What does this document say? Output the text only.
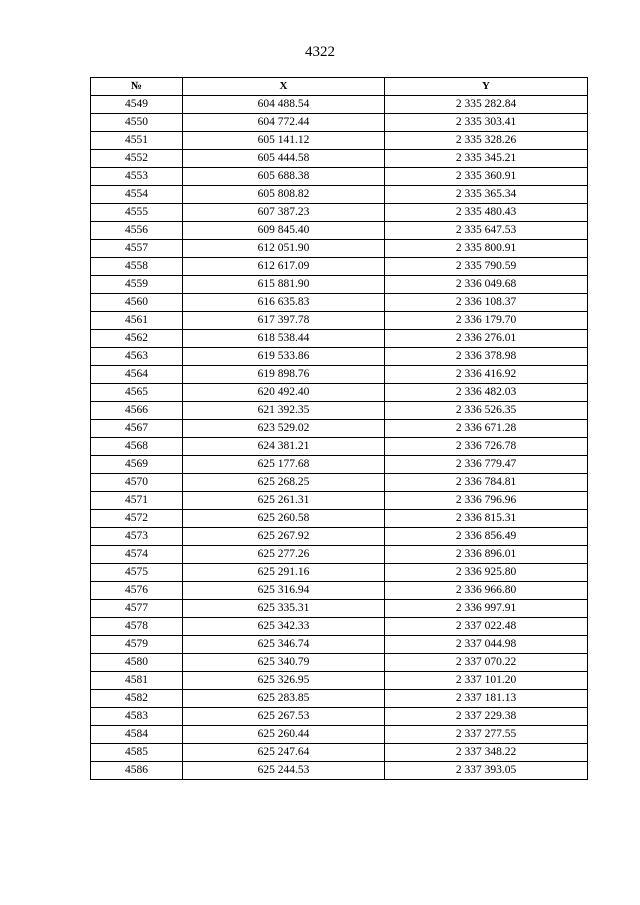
4322
№	X	Y
4549	604 488.54	2 335 282.84
4550	604 772.44	2 335 303.41
4551	605 141.12	2 335 328.26
4552	605 444.58	2 335 345.21
4553	605 688.38	2 335 360.91
4554	605 808.82	2 335 365.34
4555	607 387.23	2 335 480.43
4556	609 845.40	2 335 647.53
4557	612 051.90	2 335 800.91
4558	612 617.09	2 335 790.59
4559	615 881.90	2 336 049.68
4560	616 635.83	2 336 108.37
4561	617 397.78	2 336 179.70
4562	618 538.44	2 336 276.01
4563	619 533.86	2 336 378.98
4564	619 898.76	2 336 416.92
4565	620 492.40	2 336 482.03
4566	621 392.35	2 336 526.35
4567	623 529.02	2 336 671.28
4568	624 381.21	2 336 726.78
4569	625 177.68	2 336 779.47
4570	625 268.25	2 336 784.81
4571	625 261.31	2 336 796.96
4572	625 260.58	2 336 815.31
4573	625 267.92	2 336 856.49
4574	625 277.26	2 336 896.01
4575	625 291.16	2 336 925.80
4576	625 316.94	2 336 966.80
4577	625 335.31	2 336 997.91
4578	625 342.33	2 337 022.48
4579	625 346.74	2 337 044.98
4580	625 340.79	2 337 070.22
4581	625 326.95	2 337 101.20
4582	625 283.85	2 337 181.13
4583	625 267.53	2 337 229.38
4584	625 260.44	2 337 277.55
4585	625 247.64	2 337 348.22
4586	625 244.53	2 337 393.05
